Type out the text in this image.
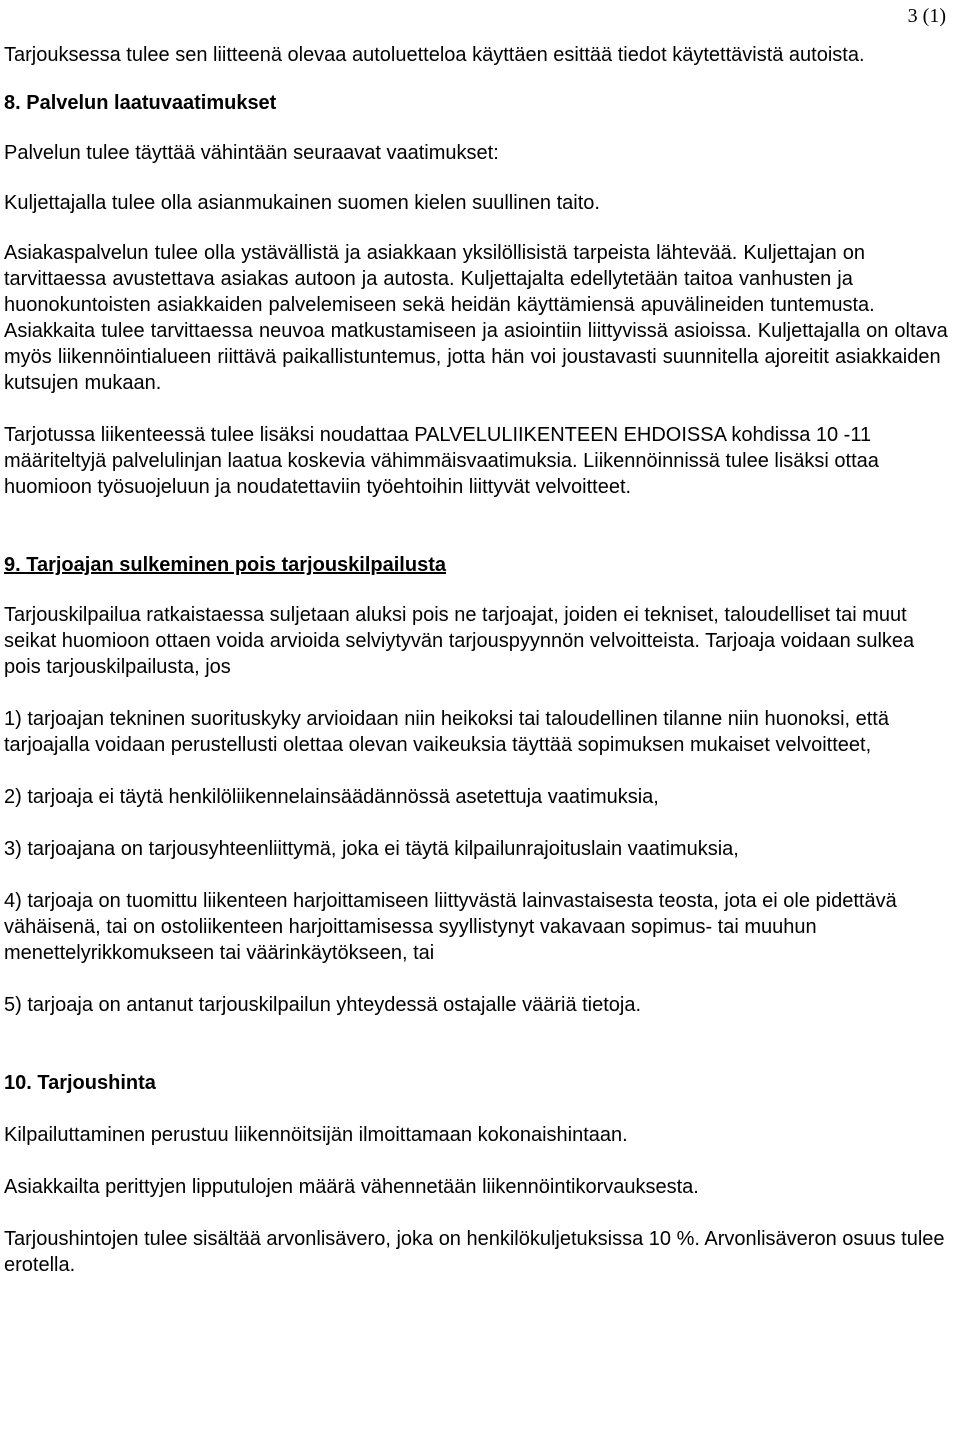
3 (1)

Tarjouksessa tulee sen liitteenä olevaa autoluetteloa käyttäen esittää tiedot käytettävistä autoista.

8. Palvelun laatuvaatimukset

Palvelun tulee täyttää vähintään seuraavat vaatimukset:

Kuljettajalla tulee olla asianmukainen suomen kielen suullinen taito.

Asiakaspalvelun tulee olla ystävällistä ja asiakkaan yksilöllisistä tarpeista lähtevää. Kuljettajan on tarvittaessa avustettava asiakas autoon ja autosta. Kuljettajalta edellytetään taitoa vanhusten ja huonokuntoisten asiakkaiden palvelemiseen sekä heidän käyttämiensä apuvälineiden tuntemusta. Asiakkaita tulee tarvittaessa neuvoa matkustamiseen ja asiointiin liittyvissä asioissa. Kuljettajalla on oltava myös liikennöintialueen riittävä paikallistuntemus, jotta hän voi joustavasti suunnitella ajoreitit asiakkaiden kutsujen mukaan.

Tarjotussa liikenteessä tulee lisäksi noudattaa PALVELULIIKENTEEN EHDOISSA kohdissa 10 -11 määriteltyjä palvelulinjan laatua koskevia vähimmäisvaatimuksia. Liikennöinnissä tulee lisäksi ottaa huomioon työsuojeluun ja noudatettaviin työehtoihin liittyvät velvoitteet.

9. Tarjoajan sulkeminen pois tarjouskilpailusta

Tarjouskilpailua ratkaistaessa suljetaan aluksi pois ne tarjoajat, joiden ei tekniset, taloudelliset tai muut seikat huomioon ottaen voida arvioida selviytyvän tarjouspyynnön velvoitteista. Tarjoaja voidaan sulkea pois tarjouskilpailusta, jos

1) tarjoajan tekninen suorituskyky arvioidaan niin heikoksi tai taloudellinen tilanne niin huonoksi, että tarjoajalla voidaan perustellusti olettaa olevan vaikeuksia täyttää sopimuksen mukaiset velvoitteet,

2) tarjoaja ei täytä henkilöliikennelainsäädännössä asetettuja vaatimuksia,

3) tarjoajana on tarjousyhteenliittymä, joka ei täytä kilpailunrajoituslain vaatimuksia,

4) tarjoaja on tuomittu liikenteen harjoittamiseen liittyvästä lainvastaisesta teosta, jota ei ole pidettävä vähäisenä, tai on ostoliikenteen harjoittamisessa syyllistynyt vakavaan sopimus- tai muuhun menettelyrikkomukseen tai väärinkäytökseen, tai

5) tarjoaja on antanut tarjouskilpailun yhteydessä ostajalle vääriä tietoja.

10. Tarjoushinta

Kilpailuttaminen perustuu liikennöitsijän ilmoittamaan kokonaishintaan.

Asiakkailta perittyjen lipputulojen määrä vähennetään liikennöintikorvauksesta.

Tarjoushintojen tulee sisältää arvonlisävero, joka on henkilökuljetuksissa 10 %. Arvonlisäveron osuus tulee erotella.
